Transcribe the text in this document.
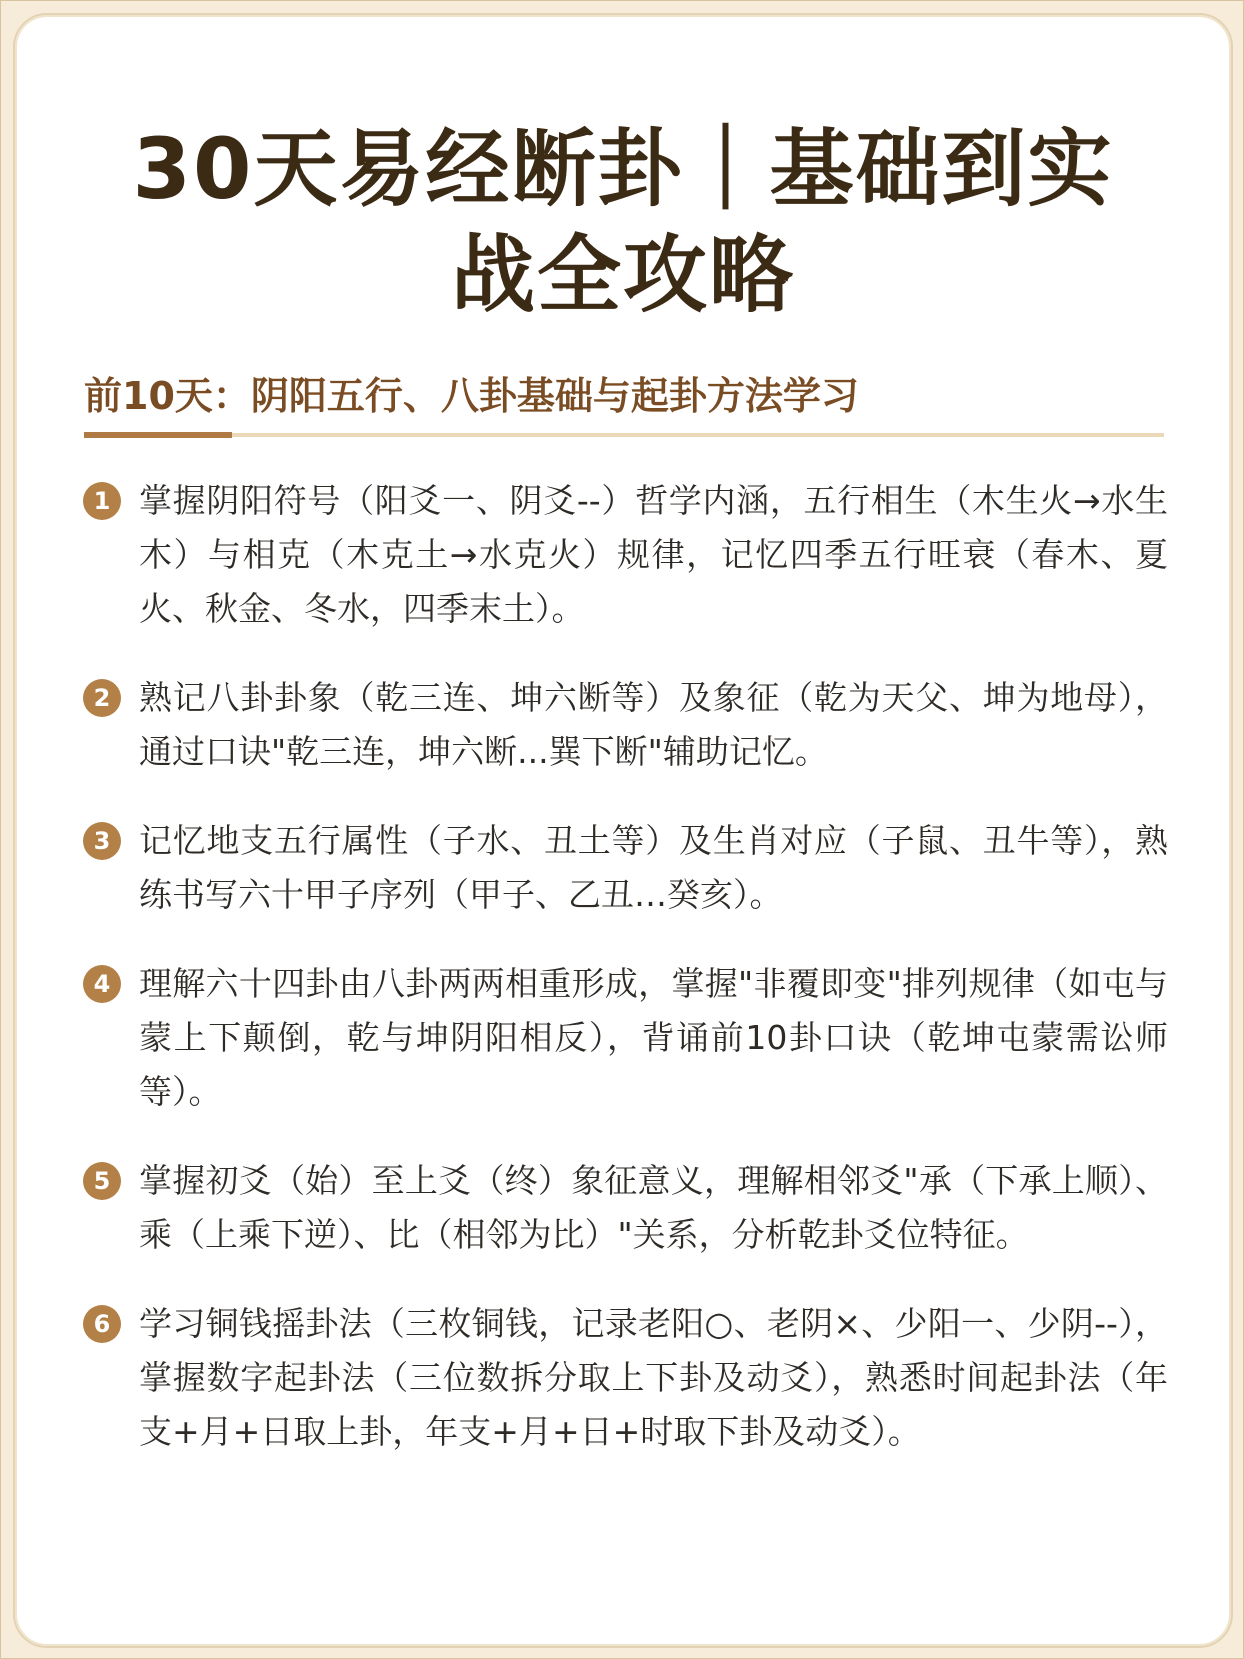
30天易经断卦｜基础到实
战全攻略
前10天：阴阳五行、八卦基础与起卦方法学习
1 掌握阴阳符号（阳爻一、阴爻--）哲学内涵，五行相生（木生火→水生木）与相克（木克土→水克火）规律，记忆四季五行旺衰（春木、夏火、秋金、冬水，四季末土）。
2 熟记八卦卦象（乾三连、坤六断等）及象征（乾为天父、坤为地母），通过口诀"乾三连，坤六断...巽下断"辅助记忆。
3 记忆地支五行属性（子水、丑土等）及生肖对应（子鼠、丑牛等），熟练书写六十甲子序列（甲子、乙丑…癸亥）。
4 理解六十四卦由八卦两两相重形成，掌握"非覆即变"排列规律（如屯与蒙上下颠倒，乾与坤阴阳相反），背诵前10卦口诀（乾坤屯蒙需讼师等）。
5 掌握初爻（始）至上爻（终）象征意义，理解相邻爻"承（下承上顺）、乘（上乘下逆）、比（相邻为比）"关系，分析乾卦爻位特征。
6 学习铜钱摇卦法（三枚铜钱，记录老阳○、老阴×、少阳一、少阴--），掌握数字起卦法（三位数拆分取上下卦及动爻），熟悉时间起卦法（年支+月+日取上卦，年支+月+日+时取下卦及动爻）。
